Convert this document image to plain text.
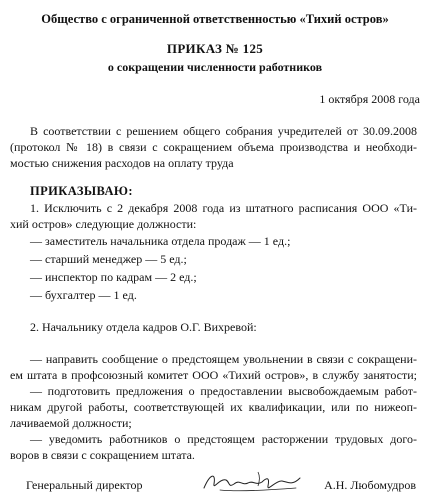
Общество с ограниченной ответственностью «Тихий остров»
ПРИКАЗ № 125
о сокращении численности работников
1 октября 2008 года
В соответствии с решением общего собрания учредителей от 30.09.2008
(протокол № 18) в связи с сокращением объема производства и необходи-
мостью снижения расходов на оплату труда
ПРИКАЗЫВАЮ:
1. Исключить с 2 декабря 2008 года из штатного расписания ООО «Ти-
хий остров» следующие должности:
— заместитель начальника отдела продаж — 1 ед.;
— старший менеджер — 5 ед.;
— инспектор по кадрам — 2 ед.;
— бухгалтер — 1 ед.
2. Начальнику отдела кадров О.Г. Вихревой:
— направить сообщение о предстоящем увольнении в связи с сокращени-
ем штата в профсоюзный комитет ООО «Тихий остров», в службу занятости;
— подготовить предложения о предоставлении высвобождаемым работ-
никам другой работы, соответствующей их квалификации, или по нижеоп-
лачиваемой должности;
— уведомить работников о предстоящем расторжении трудовых дого-
воров в связи с сокращением штата.
Генеральный директор	А.Н. Любомудров
